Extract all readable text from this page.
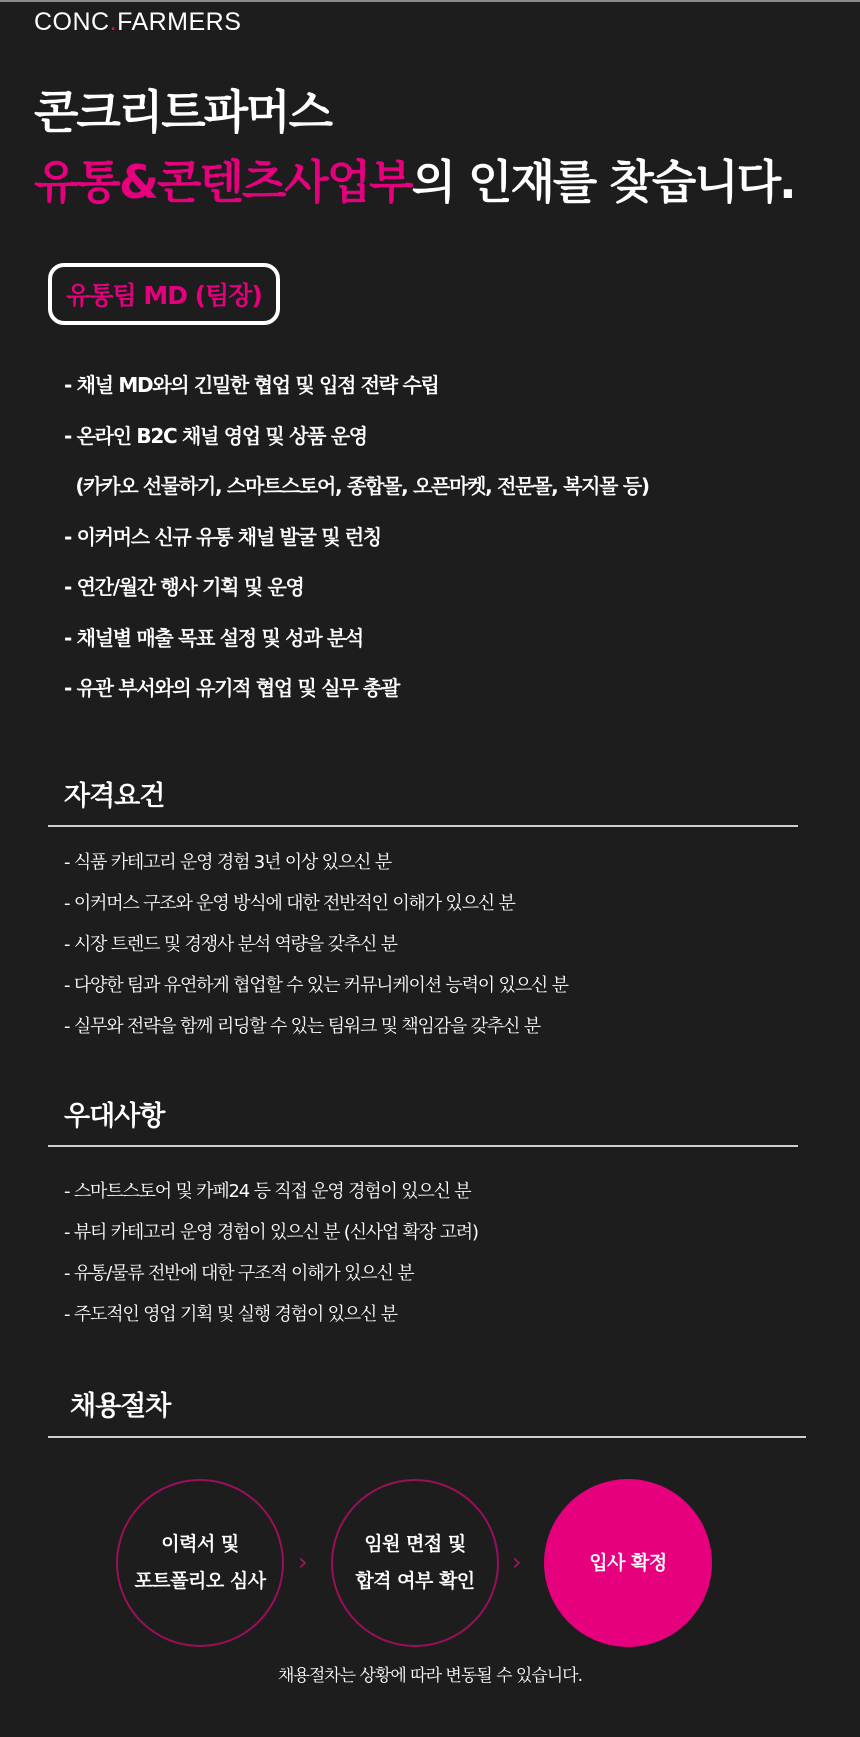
CONC.FARMERS
콘크리트파머스
유통&콘텐츠사업부의 인재를 찾습니다.
유통팀 MD (팀장)
- 채널 MD와의 긴밀한 협업 및 입점 전략 수립
- 온라인 B2C 채널 영업 및 상품 운영
(카카오 선물하기, 스마트스토어, 종합몰, 오픈마켓, 전문몰, 복지몰 등)
- 이커머스 신규 유통 채널 발굴 및 런칭
- 연간/월간 행사 기획 및 운영
- 채널별 매출 목표 설정 및 성과 분석
- 유관 부서와의 유기적 협업 및 실무 총괄
자격요건
- 식품 카테고리 운영 경험 3년 이상 있으신 분
- 이커머스 구조와 운영 방식에 대한 전반적인 이해가 있으신 분
- 시장 트렌드 및 경쟁사 분석 역량을 갖추신 분
- 다양한 팀과 유연하게 협업할 수 있는 커뮤니케이션 능력이 있으신 분
- 실무와 전략을 함께 리딩할 수 있는 팀워크 및 책임감을 갖추신 분
우대사항
- 스마트스토어 및 카페24 등 직접 운영 경험이 있으신 분
- 뷰티 카테고리 운영 경험이 있으신 분 (신사업 확장 고려)
- 유통/물류 전반에 대한 구조적 이해가 있으신 분
- 주도적인 영업 기획 및 실행 경험이 있으신 분
채용절차
이력서 및
포트폴리오 심사
›
임원 면접 및
합격 여부 확인
›	입사 확정
채용절차는 상황에 따라 변동될 수 있습니다.
